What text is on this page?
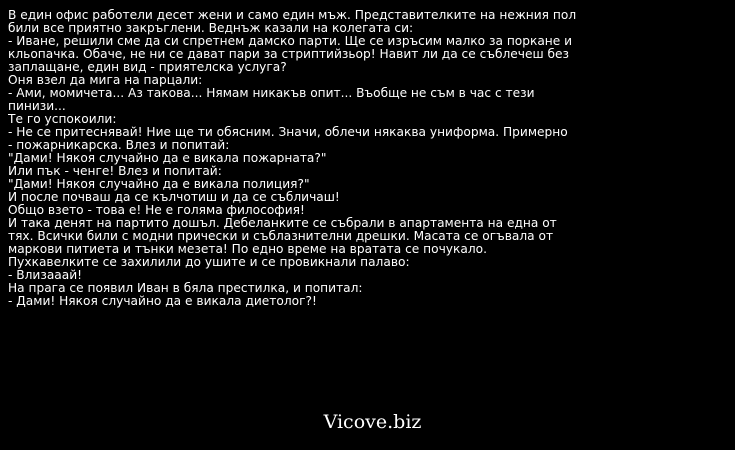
В един офис работели десет жени и само един мъж. Представителките на нежния пол
били все приятно закръглени. Веднъж казали на колегата си:
- Иване, решили сме да си спретнем дамско парти. Ще се изръсим малко за поркане и
кльопачка. Обаче, не ни се дават пари за стриптийзьор! Навит ли да се съблечеш без
заплащане, един вид - приятелска услуга?
Оня взел да мига на парцали:
- Ами, момичета... Аз такова... Нямам никакъв опит... Въобще не съм в час с тези
пинизи...
Те го успокоили:
- Не се притеснявай! Ние ще ти обясним. Значи, облечи някаква униформа. Примерно
- пожарникарска. Влез и попитай:
"Дами! Някоя случайно да е викала пожарната?"
Или пък - ченге! Влез и попитай:
"Дами! Някоя случайно да е викала полиция?"
И после почваш да се кълчотиш и да се събличаш!
Общо взето - това е! Не е голяма философия!
И така денят на партито дошъл. Дебеланките се събрали в апартамента на една от
тях. Всички били с модни прически и съблазнителни дрешки. Масата се огъвала от
маркови питиета и тънки мезета! По едно време на вратата се почукало.
Пухкавелките се захилили до ушите и се провикнали палаво:
- Влизааай!
На прага се появил Иван в бяла престилка, и попитал:
- Дами! Някоя случайно да е викала диетолог?!
Vicove.biz
